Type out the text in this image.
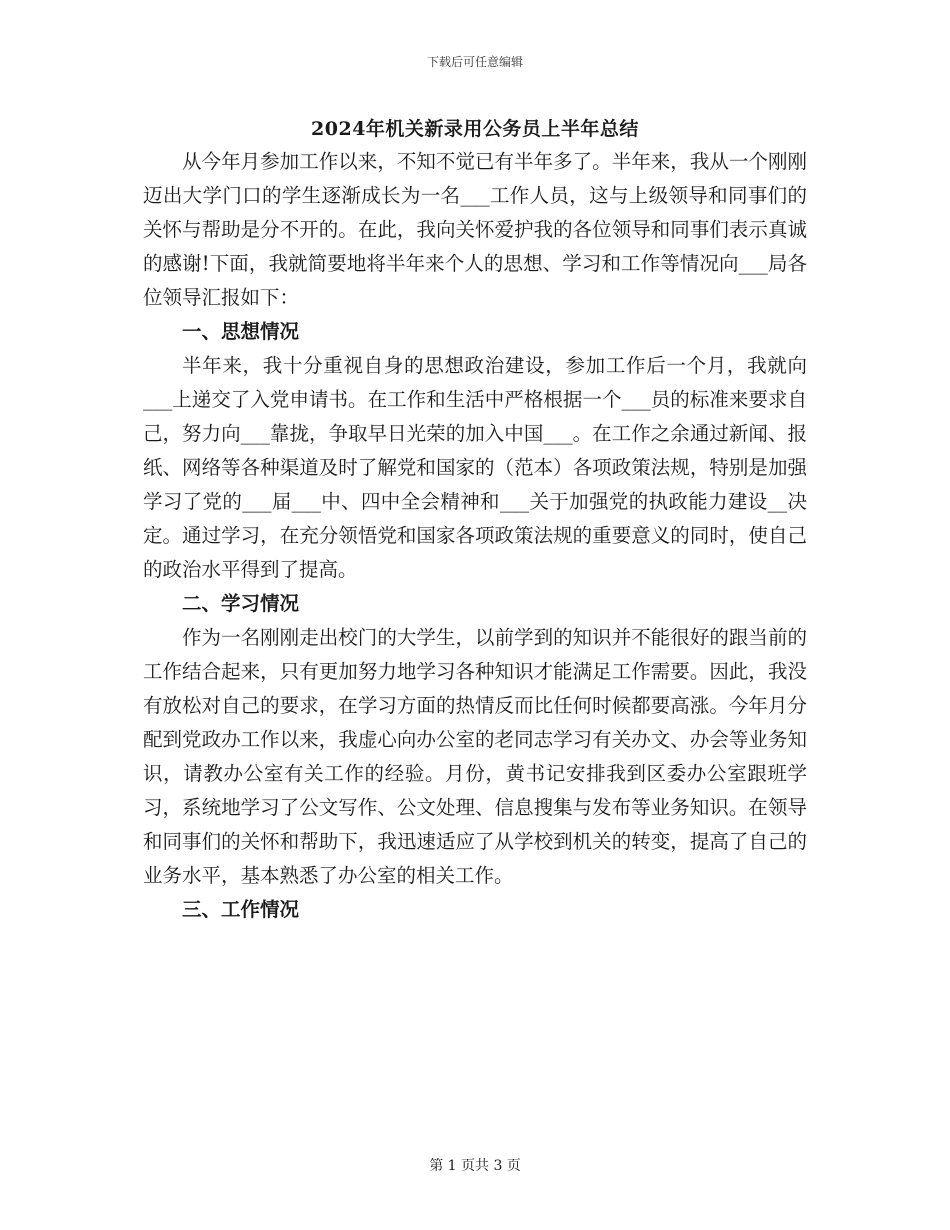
下载后可任意编辑
2024年机关新录用公务员上半年总结

从今年月参加工作以来，不知不觉已有半年多了。半年来，我从一个刚刚迈出大学门口的学生逐渐成长为一名___工作人员，这与上级领导和同事们的关怀与帮助是分不开的。在此，我向关怀爱护我的各位领导和同事们表示真诚的感谢!下面，我就简要地将半年来个人的思想、学习和工作等情况向___局各位领导汇报如下：

一、思想情况

半年来，我十分重视自身的思想政治建设，参加工作后一个月，我就向___上递交了入党申请书。在工作和生活中严格根据一个___员的标准来要求自己，努力向___靠拢，争取早日光荣的加入中国___。在工作之余通过新闻、报纸、网络等各种渠道及时了解党和国家的（范本）各项政策法规，特别是加强学习了党的___届___中、四中全会精神和___关于加强党的执政能力建设__决定。通过学习，在充分领悟党和国家各项政策法规的重要意义的同时，使自己的政治水平得到了提高。

二、学习情况

作为一名刚刚走出校门的大学生，以前学到的知识并不能很好的跟当前的工作结合起来，只有更加努力地学习各种知识才能满足工作需要。因此，我没有放松对自己的要求，在学习方面的热情反而比任何时候都要高涨。今年月分配到党政办工作以来，我虚心向办公室的老同志学习有关办文、办会等业务知识，请教办公室有关工作的经验。月份，黄书记安排我到区委办公室跟班学习，系统地学习了公文写作、公文处理、信息搜集与发布等业务知识。在领导和同事们的关怀和帮助下，我迅速适应了从学校到机关的转变，提高了自己的业务水平，基本熟悉了办公室的相关工作。

三、工作情况
第 1 页共 3 页
